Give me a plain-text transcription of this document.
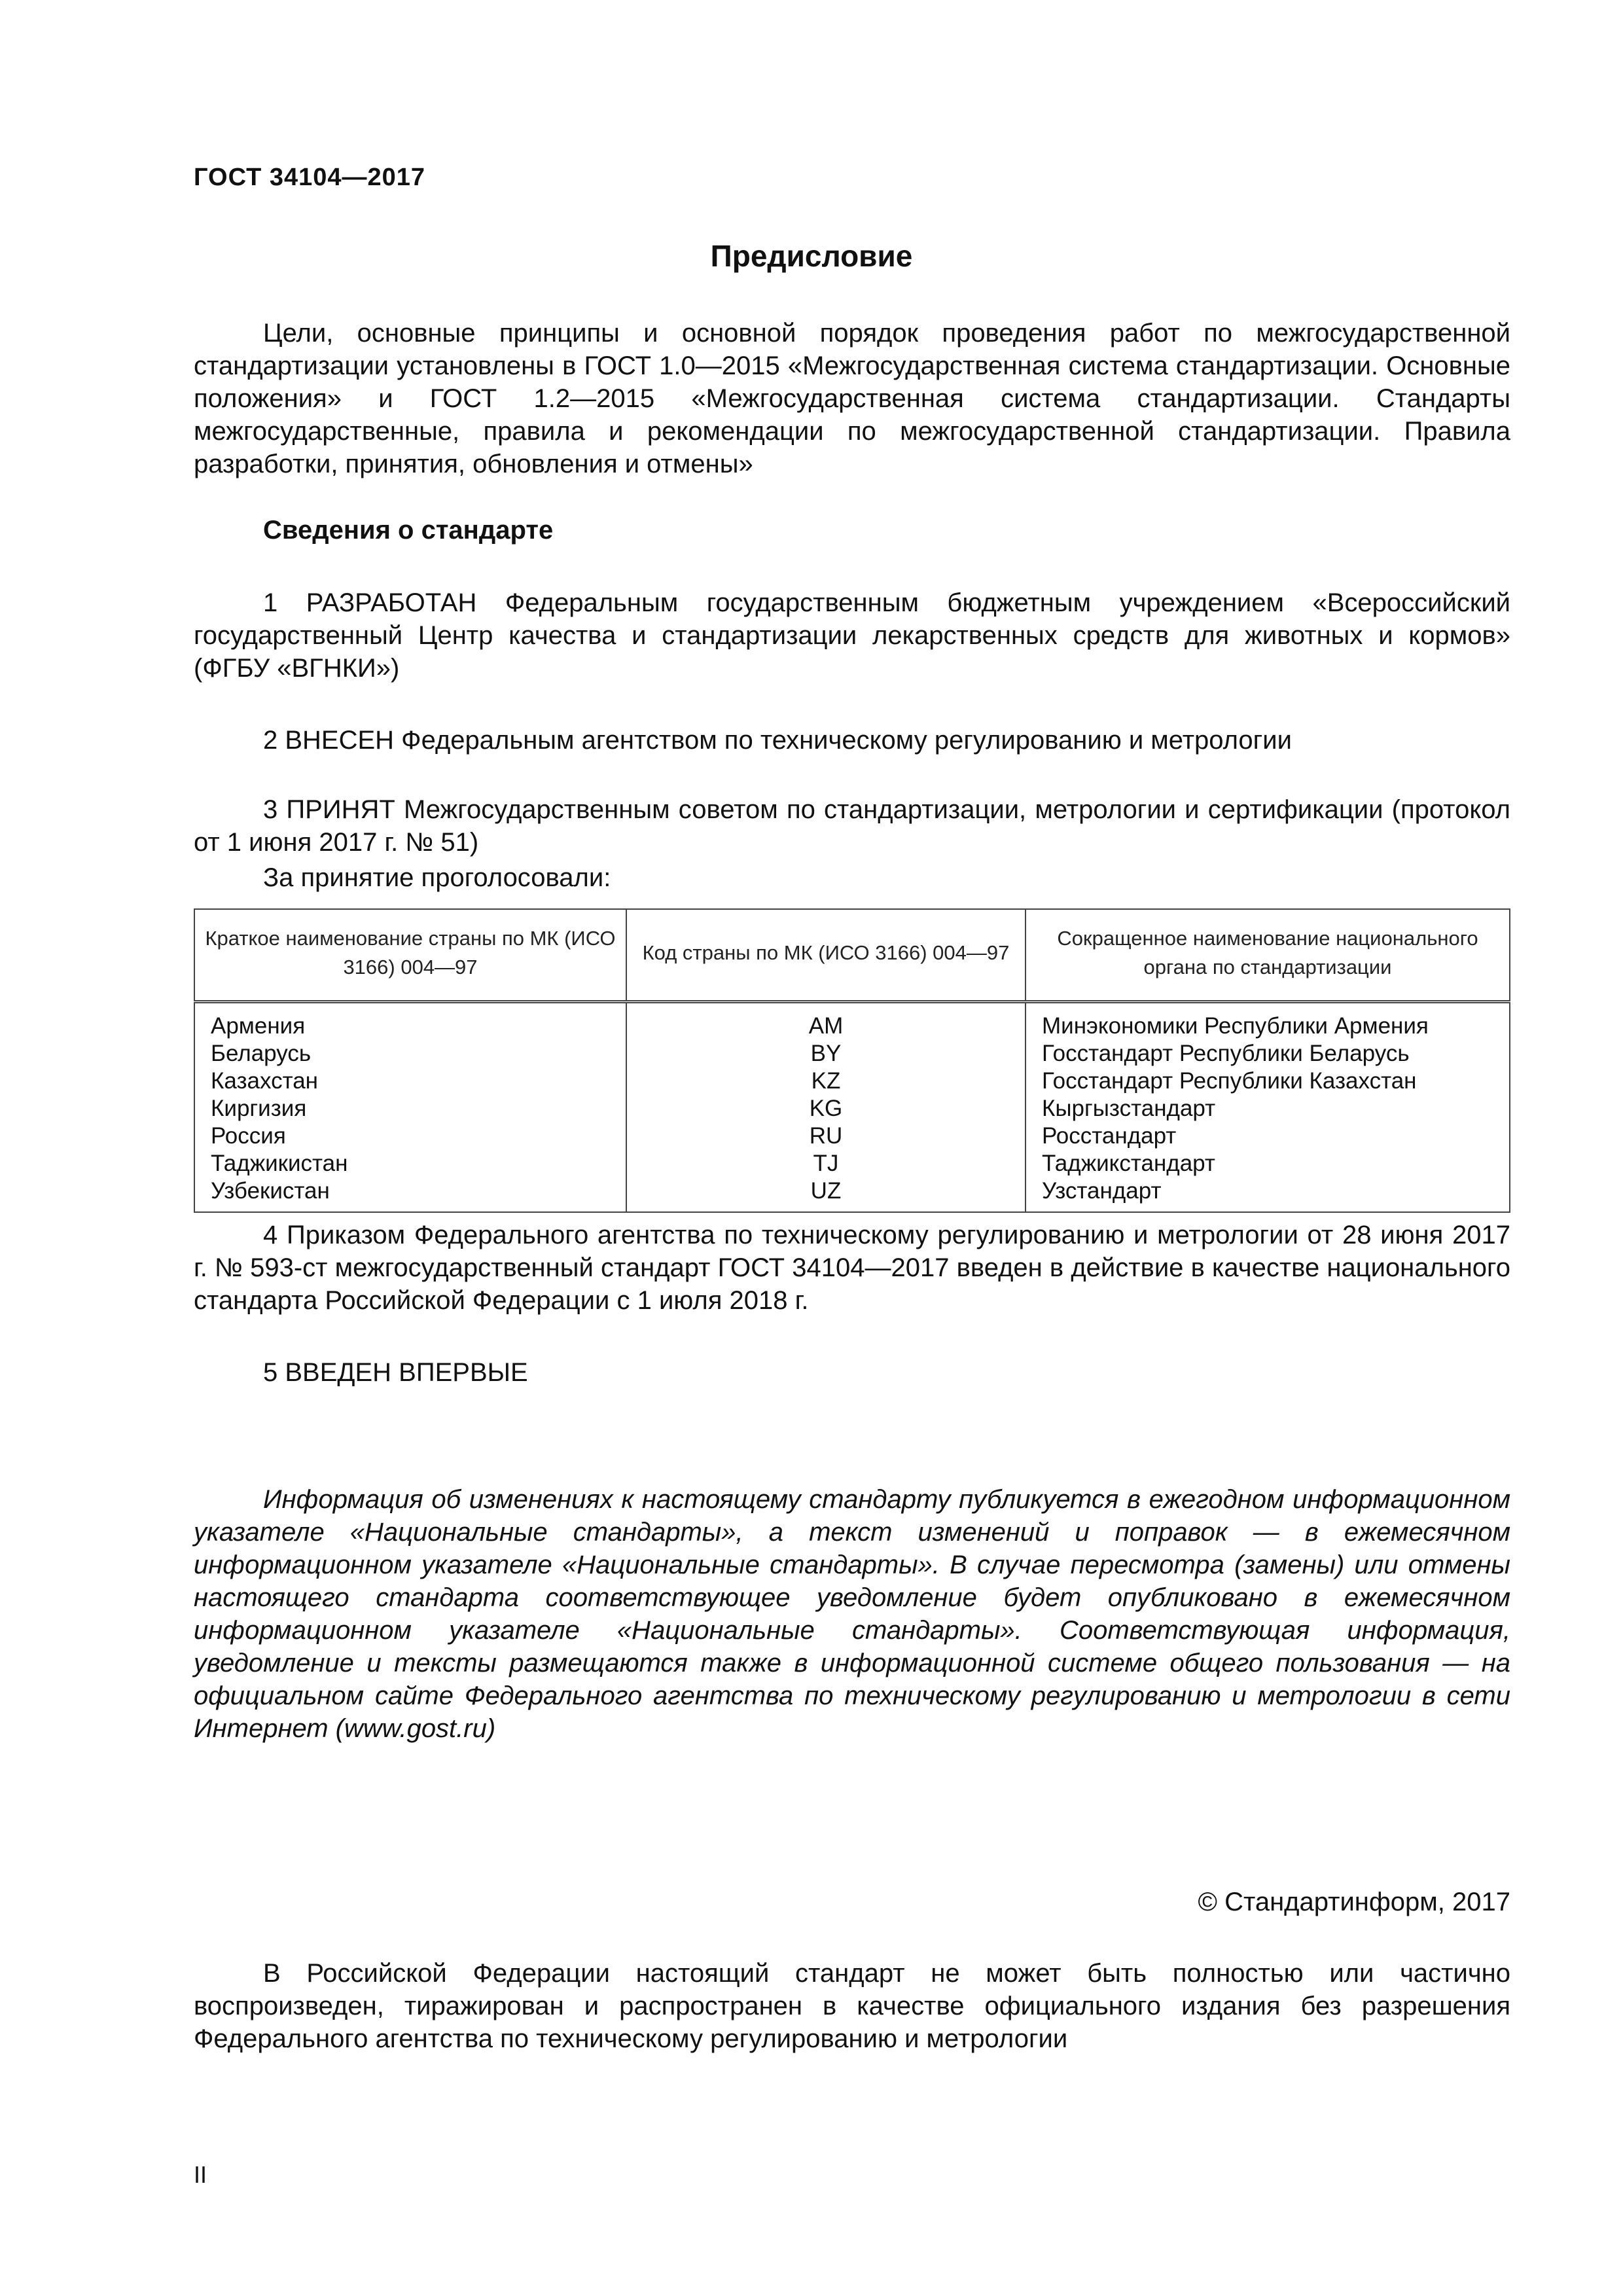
ГОСТ 34104—2017
Предисловие

Цели, основные принципы и основной порядок проведения работ по межгосударственной стандартизации установлены в ГОСТ 1.0—2015 «Межгосударственная система стандартизации. Основные положения» и ГОСТ 1.2—2015 «Межгосударственная система стандартизации. Стандарты межгосударственные, правила и рекомендации по межгосударственной стандартизации. Правила разработки, принятия, обновления и отмены»

Сведения о стандарте

1 РАЗРАБОТАН Федеральным государственным бюджетным учреждением «Всероссийский государственный Центр качества и стандартизации лекарственных средств для животных и кормов» (ФГБУ «ВГНКИ»)

2 ВНЕСЕН Федеральным агентством по техническому регулированию и метрологии

3 ПРИНЯТ Межгосударственным советом по стандартизации, метрологии и сертификации (протокол от 1 июня 2017 г. № 51)

За принятие проголосовали:
Краткое наименование страны по МК (ИСО 3166) 004—97	Код страны по МК (ИСО 3166) 004—97	Сокращенное наименование национального органа по стандартизации
Армения	AM	Минэкономики Республики Армения
Беларусь	BY	Госстандарт Республики Беларусь
Казахстан	KZ	Госстандарт Республики Казахстан
Киргизия	KG	Кыргызстандарт
Россия	RU	Росстандарт
Таджикистан	TJ	Таджикстандарт
Узбекистан	UZ	Узстандарт

4 Приказом Федерального агентства по техническому регулированию и метрологии от 28 июня 2017 г. № 593-ст межгосударственный стандарт ГОСТ 34104—2017 введен в действие в качестве национального стандарта Российской Федерации с 1 июля 2018 г.

5 ВВЕДЕН ВПЕРВЫЕ

Информация об изменениях к настоящему стандарту публикуется в ежегодном информационном указателе «Национальные стандарты», а текст изменений и поправок — в ежемесячном информационном указателе «Национальные стандарты». В случае пересмотра (замены) или отмены настоящего стандарта соответствующее уведомление будет опубликовано в ежемесячном информационном указателе «Национальные стандарты». Соответствующая информация, уведомление и тексты размещаются также в информационной системе общего пользования — на официальном сайте Федерального агентства по техническому регулированию и метрологии в сети Интернет (www.gost.ru)

© Стандартинформ, 2017

В Российской Федерации настоящий стандарт не может быть полностью или частично воспроизведен, тиражирован и распространен в качестве официального издания без разрешения Федерального агентства по техническому регулированию и метрологии

II
